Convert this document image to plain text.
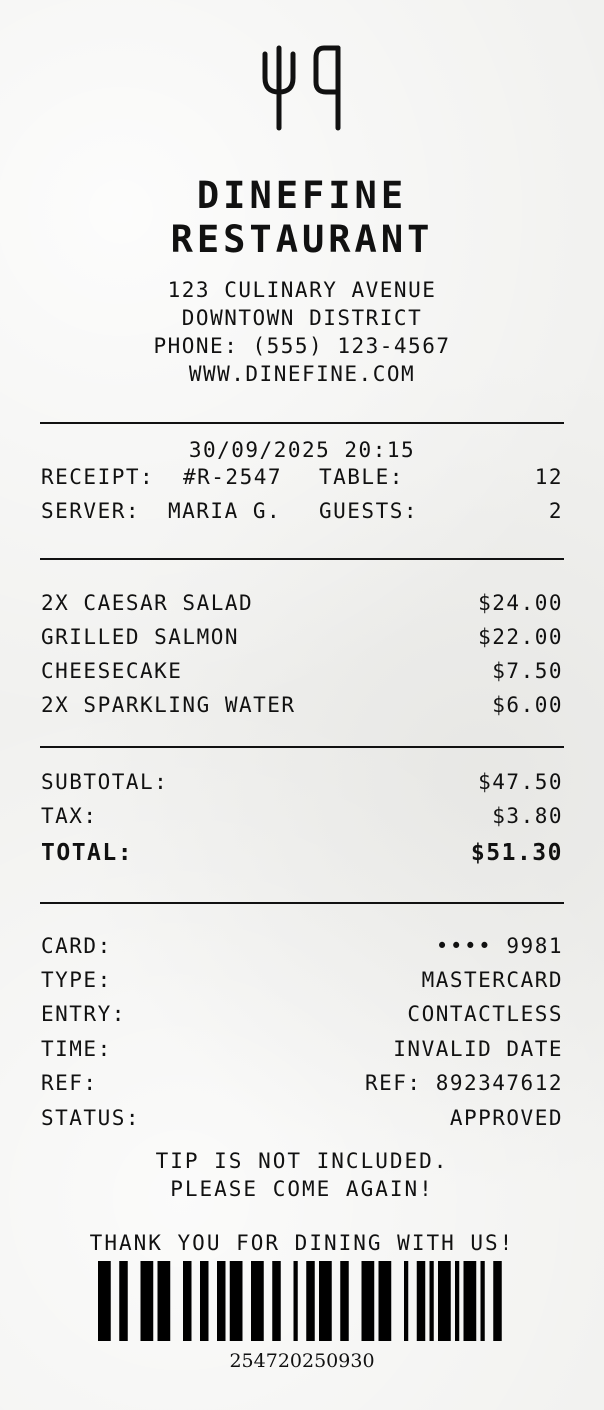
DINEFINE
RESTAURANT
123 CULINARY AVENUE
DOWNTOWN DISTRICT
PHONE: (555) 123-4567
WWW.DINEFINE.COM
30/09/2025 20:15
RECEIPT: #R-2547 TABLE:	12
SERVER: MARIA G. GUESTS:	2
2X CAESAR SALAD	$24.00
GRILLED SALMON	$22.00
CHEESECAKE	$7.50
2X SPARKLING WATER	$6.00
SUBTOTAL:	$47.50
TAX:	$3.80
TOTAL:	$51.30
CARD:	•••• 9981
TYPE:	MASTERCARD
ENTRY:	CONTACTLESS
TIME:	INVALID DATE
REF:	REF: 892347612
STATUS:	APPROVED
TIP IS NOT INCLUDED.
PLEASE COME AGAIN!
THANK YOU FOR DINING WITH US!
254720250930
